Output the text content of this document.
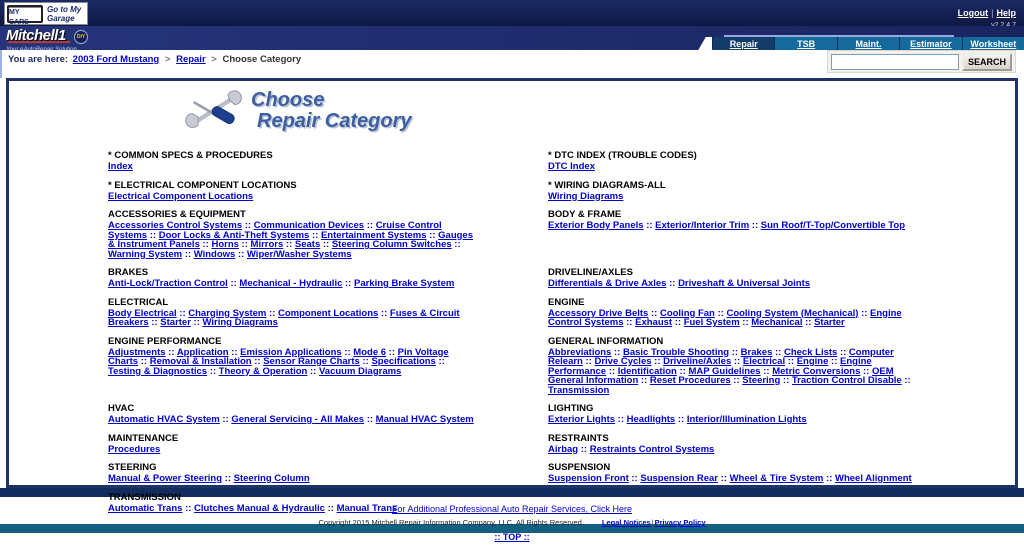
MY CARS
Go to My Garage	Logout | Help
Mitchell1	DIY
Repair	TSB	Maint.	Estimator Worksheet
You are here: 2003 Ford Mustang > Repair > Choose Category	SEARCH
Choose
Repair Category
* COMMON SPECS & PROCEDURES
Index
* DTC INDEX (TROUBLE CODES)
DTC Index
* ELECTRICAL COMPONENT LOCATIONS
Electrical Component Locations
* WIRING DIAGRAMS-ALL
Wiring Diagrams
ACCESSORIES & EQUIPMENT
Accessories Control Systems :: Communication Devices :: Cruise Control Systems :: Door Locks & Anti-Theft Systems :: Entertainment Systems :: Gauges & Instrument Panels :: Horns :: Mirrors :: Seats :: Steering Column Switches :: Warning System :: Windows :: Wiper/Washer Systems
BODY & FRAME
Exterior Body Panels :: Exterior/Interior Trim :: Sun Roof/T-Top/Convertible Top
BRAKES
Anti-Lock/Traction Control :: Mechanical - Hydraulic :: Parking Brake System
DRIVELINE/AXLES
Differentials & Drive Axles :: Driveshaft & Universal Joints
ELECTRICAL
Body Electrical :: Charging System :: Component Locations :: Fuses & Circuit Breakers :: Starter :: Wiring Diagrams
ENGINE
Accessory Drive Belts :: Cooling Fan :: Cooling System (Mechanical) :: Engine Control Systems :: Exhaust :: Fuel System :: Mechanical :: Starter
ENGINE PERFORMANCE
Adjustments :: Application :: Emission Applications :: Mode 6 :: Pin Voltage Charts :: Removal & Installation :: Sensor Range Charts :: Specifications :: Testing & Diagnostics :: Theory & Operation :: Vacuum Diagrams
GENERAL INFORMATION
Abbreviations :: Basic Trouble Shooting :: Brakes :: Check Lists :: Computer Relearn :: Drive Cycles :: Driveline/Axles :: Electrical :: Engine :: Engine Performance :: Identification :: MAP Guidelines :: Metric Conversions :: OEM General Information :: Reset Procedures :: Steering :: Traction Control Disable :: Transmission
HVAC
Automatic HVAC System :: General Servicing - All Makes :: Manual HVAC System
LIGHTING
Exterior Lights :: Headlights :: Interior/Illumination Lights
MAINTENANCE
Procedures
RESTRAINTS
Airbag :: Restraints Control Systems
STEERING
Manual & Power Steering :: Steering Column
SUSPENSION
Suspension Front :: Suspension Rear :: Wheel & Tire System :: Wheel Alignment
TRANSMISSION
Automatic Trans :: Clutches Manual & Hydraulic :: Manual Trans
For Additional Professional Auto Repair Services, Click Here
Copyright 2015 Mitchell Repair Information Company, LLC. All Rights Reserved. Legal Notices|Privacy Policy
:: TOP ::
